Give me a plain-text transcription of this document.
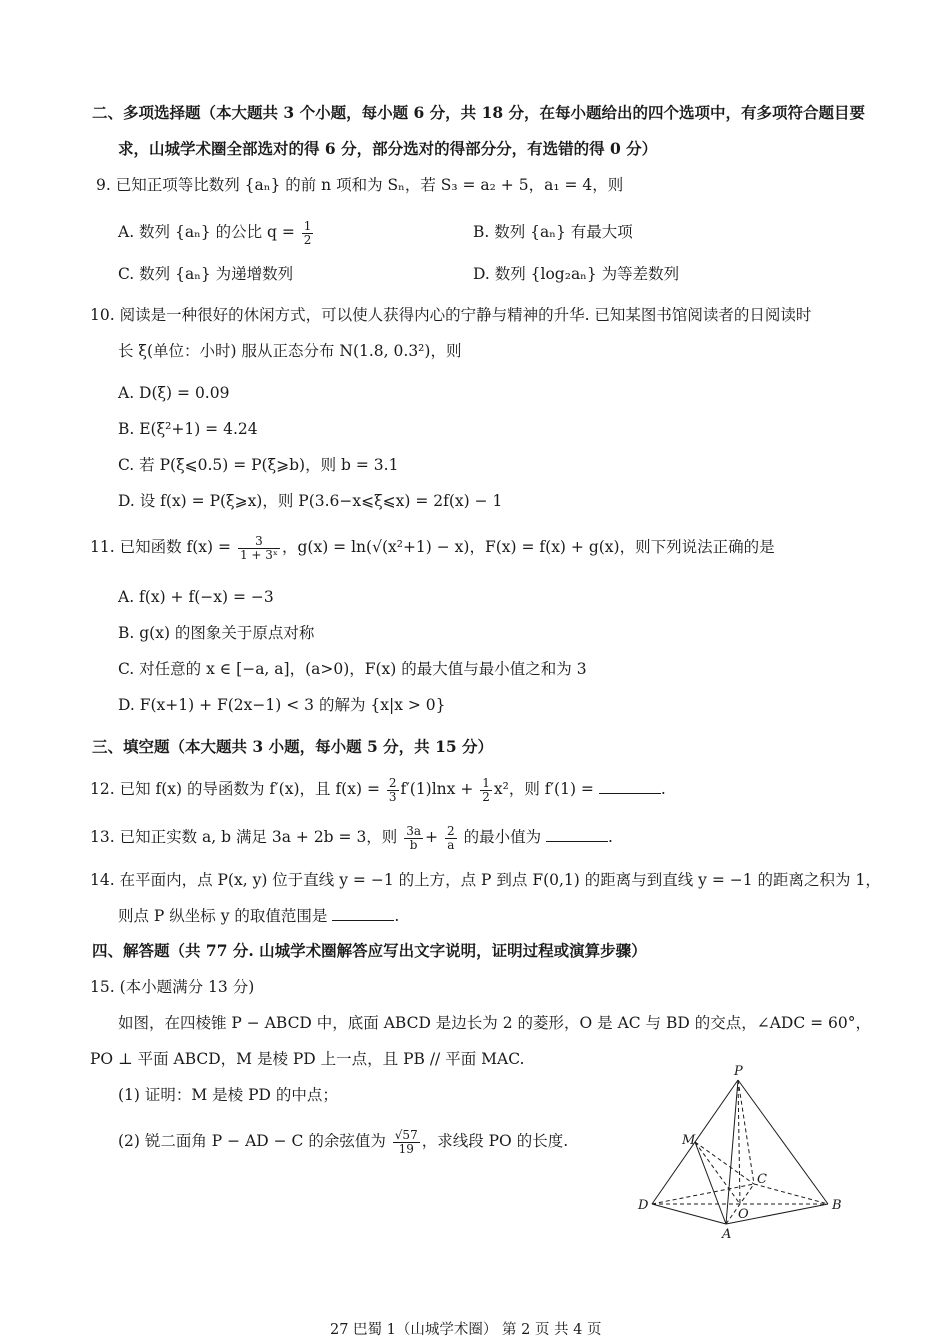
二、多项选择题（本大题共 3 个小题，每小题 6 分，共 18 分，在每小题给出的四个选项中，有多项符合题目要
求，山城学术圈全部选对的得 6 分，部分选对的得部分分，有选错的得 0 分）
9. 已知正项等比数列 {aₙ} 的前 n 项和为 Sₙ，若 S₃ = a₂ + 5，a₁ = 4，则
A. 数列 {aₙ} 的公比 $q = \frac{1}{2}$	B. 数列 {aₙ} 有最大项
C. 数列 {aₙ} 为递增数列	D. 数列 {log₂aₙ} 为等差数列
10. 阅读是一种很好的休闲方式，可以使人获得内心的宁静与精神的升华. 已知某图书馆阅读者的日阅读时
长 ξ(单位：小时) 服从正态分布 N(1.8, 0.3²)，则
A. D(ξ) = 0.09
B. E(ξ²+1) = 4.24
C. 若 P(ξ⩽0.5) = P(ξ⩾b)，则 b = 3.1
D. 设 f(x) = P(ξ⩾x)，则 P(3.6−x⩽ξ⩽x) = 2f(x) − 1
11. 已知函数 $f(x) = \frac{3}{\text{1 + 3ˣ}}$ ，g(x) = ln(√(x²+1) − x)，F(x) = f(x) + g(x)，则下列说法正确的是
A. f(x) + f(−x) = −3
B. g(x) 的图象关于原点对称
C. 对任意的 x ∈ [−a, a]，(a>0)，F(x) 的最大值与最小值之和为 3
D. F(x+1) + F(2x−1) < 3 的解为 {x|x > 0}
三、填空题（本大题共 3 小题，每小题 5 分，共 15 分）
12. 已知 f(x) 的导函数为 f′(x)，且 $f(x) = \frac{2}{3} f'(1)\ln x + \frac{1}{2} x^2$，则 f′(1) =	.
13. 已知正实数 a, b 满足 3a + 2b = 3，则 $\frac{3a}{b} + \frac{2}{a}$ 的最小值为	.
14. 在平面内，点 P(x, y) 位于直线 y = −1 的上方，点 P 到点 F(0,1) 的距离与到直线 y = −1 的距离之积为 1，
则点 P 纵坐标 y 的取值范围是	.
四、解答题（共 77 分. 山城学术圈解答应写出文字说明，证明过程或演算步骤）
15. (本小题满分 13 分)
如图，在四棱锥 P − ABCD 中，底面 ABCD 是边长为 2 的菱形，O 是 AC 与 BD 的交点，∠ADC = 60°，
PO ⊥ 平面 ABCD，M 是棱 PD 上一点，且 PB // 平面 MAC.
(1) 证明：M 是棱 PD 的中点；
(2) 锐二面角 P − AD − C 的余弦值为 $\frac{√57}{19}$ ，求线段 PO 的长度.
P
M
C
D
O
B
A
27 巴蜀 1（山城学术圈） 第 2 页 共 4 页
